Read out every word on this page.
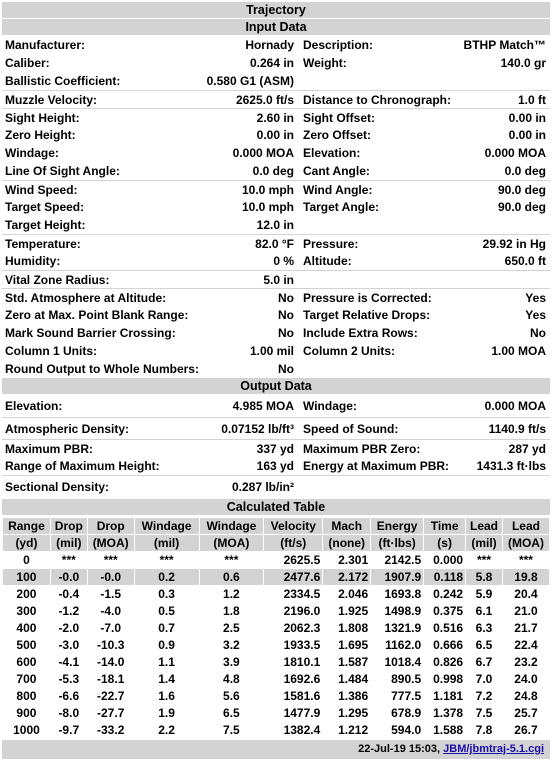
Trajectory
Input Data
Manufacturer:	Hornady Description:	BTHP Match™
Caliber:	0.264 in Weight:	140.0 gr
Ballistic Coefficient:	0.580 G1 (ASM)
Muzzle Velocity:	2625.0 ft/s Distance to Chronograph:	1.0 ft
Sight Height:	2.60 in Sight Offset:	0.00 in
Zero Height:	0.00 in Zero Offset:	0.00 in
Windage:	0.000 MOA Elevation:	0.000 MOA
Line Of Sight Angle:	0.0 deg Cant Angle:	0.0 deg
Wind Speed:	10.0 mph Wind Angle:	90.0 deg
Target Speed:	10.0 mph Target Angle:	90.0 deg
Target Height:	12.0 in
Temperature:	82.0 °F Pressure:	29.92 in Hg
Humidity:	0 % Altitude:	650.0 ft
Vital Zone Radius:	5.0 in
Std. Atmosphere at Altitude:	No Pressure is Corrected:	Yes
Zero at Max. Point Blank Range:	No Target Relative Drops:	Yes
Mark Sound Barrier Crossing:	No Include Extra Rows:	No
Column 1 Units:	1.00 mil Column 2 Units:	1.00 MOA
Round Output to Whole Numbers:	No
Output Data
Elevation:	4.985 MOA Windage:	0.000 MOA
Atmospheric Density:	0.07152 lb/ft³ Speed of Sound:	1140.9 ft/s
Maximum PBR:	337 yd Maximum PBR Zero:	287 yd
Range of Maximum Height:	163 yd Energy at Maximum PBR:	1431.3 ft·lbs
Sectional Density:	0.287 lb/in²
Calculated Table
Range	Drop	Drop	Windage	Windage	Velocity	Mach	Energy	Time	Lead	Lead
(yd)	(mil)	(MOA)	(mil)	(MOA)	(ft/s)	(none)	(ft·lbs)	(s)	(mil)	(MOA)
0	***	***	***	***	2625.5	2.301	2142.5	0.000	***	***
100	-0.0	-0.0	0.2	0.6	2477.6	2.172	1907.9	0.118	5.8	19.8
200	-0.4	-1.5	0.3	1.2	2334.5	2.046	1693.8	0.242	5.9	20.4
300	-1.2	-4.0	0.5	1.8	2196.0	1.925	1498.9	0.375	6.1	21.0
400	-2.0	-7.0	0.7	2.5	2062.3	1.808	1321.9	0.516	6.3	21.7
500	-3.0	-10.3	0.9	3.2	1933.5	1.695	1162.0	0.666	6.5	22.4
600	-4.1	-14.0	1.1	3.9	1810.1	1.587	1018.4	0.826	6.7	23.2
700	-5.3	-18.1	1.4	4.8	1692.6	1.484	890.5	0.998	7.0	24.0
800	-6.6	-22.7	1.6	5.6	1581.6	1.386	777.5	1.181	7.2	24.8
900	-8.0	-27.7	1.9	6.5	1477.9	1.295	678.9	1.378	7.5	25.7
1000	-9.7	-33.2	2.2	7.5	1382.4	1.212	594.0	1.588	7.8	26.7
22-Jul-19 15:03, JBM/jbmtraj-5.1.cgi
